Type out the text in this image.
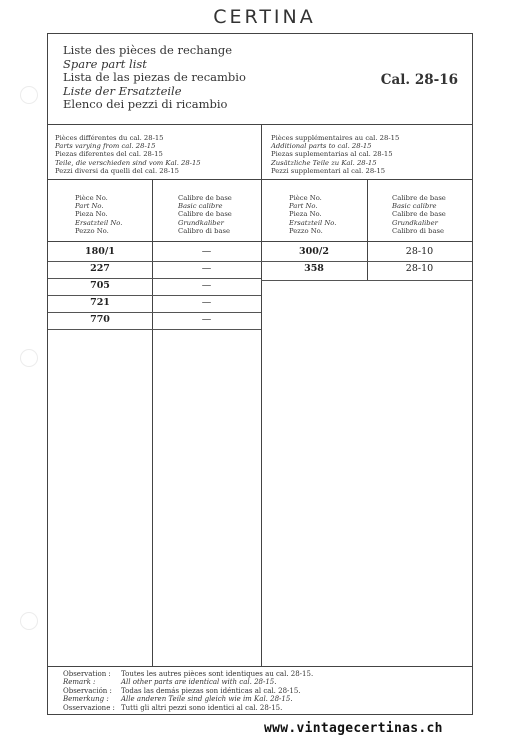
CERTINA
Liste des pièces de rechange
Spare part list
Lista de las piezas de recambio
Liste der Ersatzteile
Elenco dei pezzi di ricambio
Cal. 28-16
Pièces différentes du cal. 28-15
Parts varying from cal. 28-15
Piezas diferentes del cal. 28-15
Teile, die verschieden sind vom Kal. 28-15
Pezzi diversi da quelli del cal. 28-15
Pièces supplémentaires au cal. 28-15
Additional parts to cal. 28-15
Piezas suplementarias al cal. 28-15
Zusätzliche Teile zu Kal. 28-15
Pezzi supplementari al cal. 28-15
Pièce No.
Part No.
Pieza No.
Ersatzteil No.
Pezzo No.
Calibre de base
Basic calibre
Calibre de base
Grundkaliber
Calibro di base
Pièce No.
Part No.
Pieza No.
Ersatzteil No.
Pezzo No.
Calibre de base
Basic calibre
Calibre de base
Grundkaliber
Calibro di base
180/1	—
227	—
705	—
721	—
770	—
300/2	28-10
358	28-10
Observation :	Toutes les autres pièces sont identiques au cal. 28-15.
Remark :	All other parts are identical with cal. 28-15.
Observación :	Todas las demás piezas son idénticas al cal. 28-15.
Bemerkung :	Alle anderen Teile sind gleich wie im Kal. 28-15.
Osservazione : Tutti gli altri pezzi sono identici al cal. 28-15.
www.vintagecertinas.ch
